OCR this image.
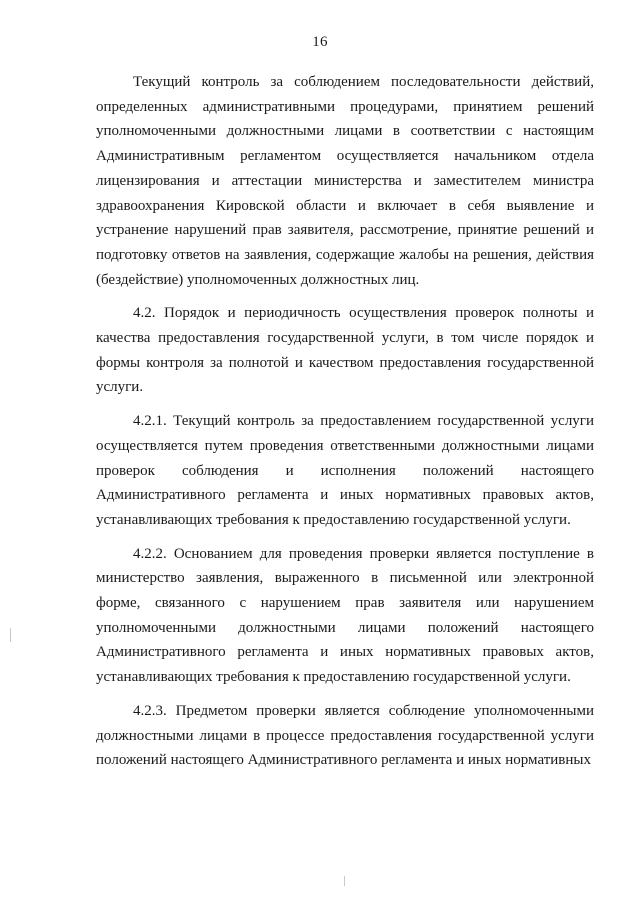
16

Текущий контроль за соблюдением последовательности действий, определенных административными процедурами, принятием решений уполномоченными должностными лицами в соответствии с настоящим Административным регламентом осуществляется начальником отдела лицензирования и аттестации министерства и заместителем министра здравоохранения Кировской области и включает в себя выявление и устранение нарушений прав заявителя, рассмотрение, принятие решений и подготовку ответов на заявления, содержащие жалобы на решения, действия (бездействие) уполномоченных должностных лиц.

4.2. Порядок и периодичность осуществления проверок полноты и качества предоставления государственной услуги, в том числе порядок и формы контроля за полнотой и качеством предоставления государственной услуги.

4.2.1. Текущий контроль за предоставлением государственной услуги осуществляется путем проведения ответственными должностными лицами проверок соблюдения и исполнения положений настоящего Административного регламента и иных нормативных правовых актов, устанавливающих требования к предоставлению государственной услуги.

4.2.2. Основанием для проведения проверки является поступление в министерство заявления, выраженного в письменной или электронной форме, связанного с нарушением прав заявителя или нарушением уполномоченными должностными лицами положений настоящего Административного регламента и иных нормативных правовых актов, устанавливающих требования к предоставлению государственной услуги.

4.2.3. Предметом проверки является соблюдение уполномоченными должностными лицами в процессе предоставления государственной услуги положений настоящего Административного регламента и иных нормативных
